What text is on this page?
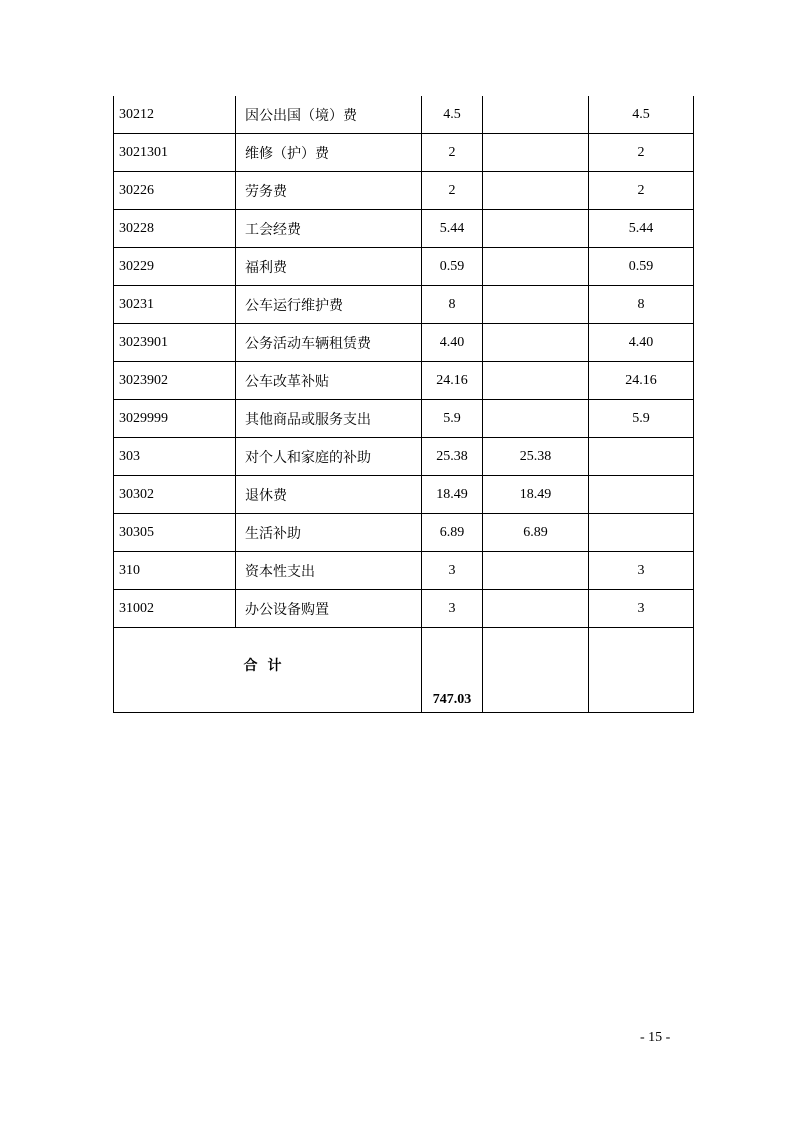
30212	因公出国（境）费	4.5		4.5
3021301	维修（护）费	2		2
30226	劳务费	2		2
30228	工会经费	5.44		5.44
30229	福利费	0.59		0.59
30231	公车运行维护费	8		8
3023901	公务活动车辆租赁费	4.40		4.40
3023902	公车改革补贴	24.16		24.16
3029999	其他商品或服务支出	5.9		5.9
303	对个人和家庭的补助	25.38	25.38	
30302	退休费	18.49	18.49	
30305	生活补助	6.89	6.89	
310	资本性支出	3		3
31002	办公设备购置	3		3
合计		747.03		
- 15 -
